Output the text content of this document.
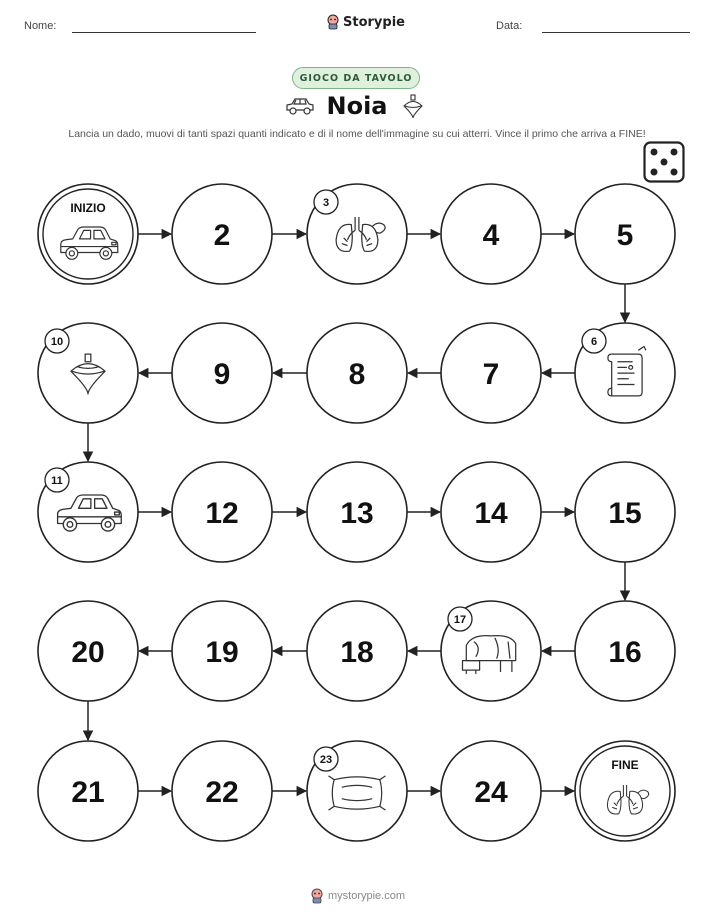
Nome:	Storypie	Data:
GIOCO DA TAVOLO
Noia
Lancia un dado, muovi di tanti spazi quanti indicato e di il nome dell'immagine su cui atterri. Vince il primo che arriva a FINE!
INIZIO
2
3
4	5
6
7
8
9
10
11
12	13	14	15
16
17
18
19
20
21	22
23
24
FINE
mystorypie.com
